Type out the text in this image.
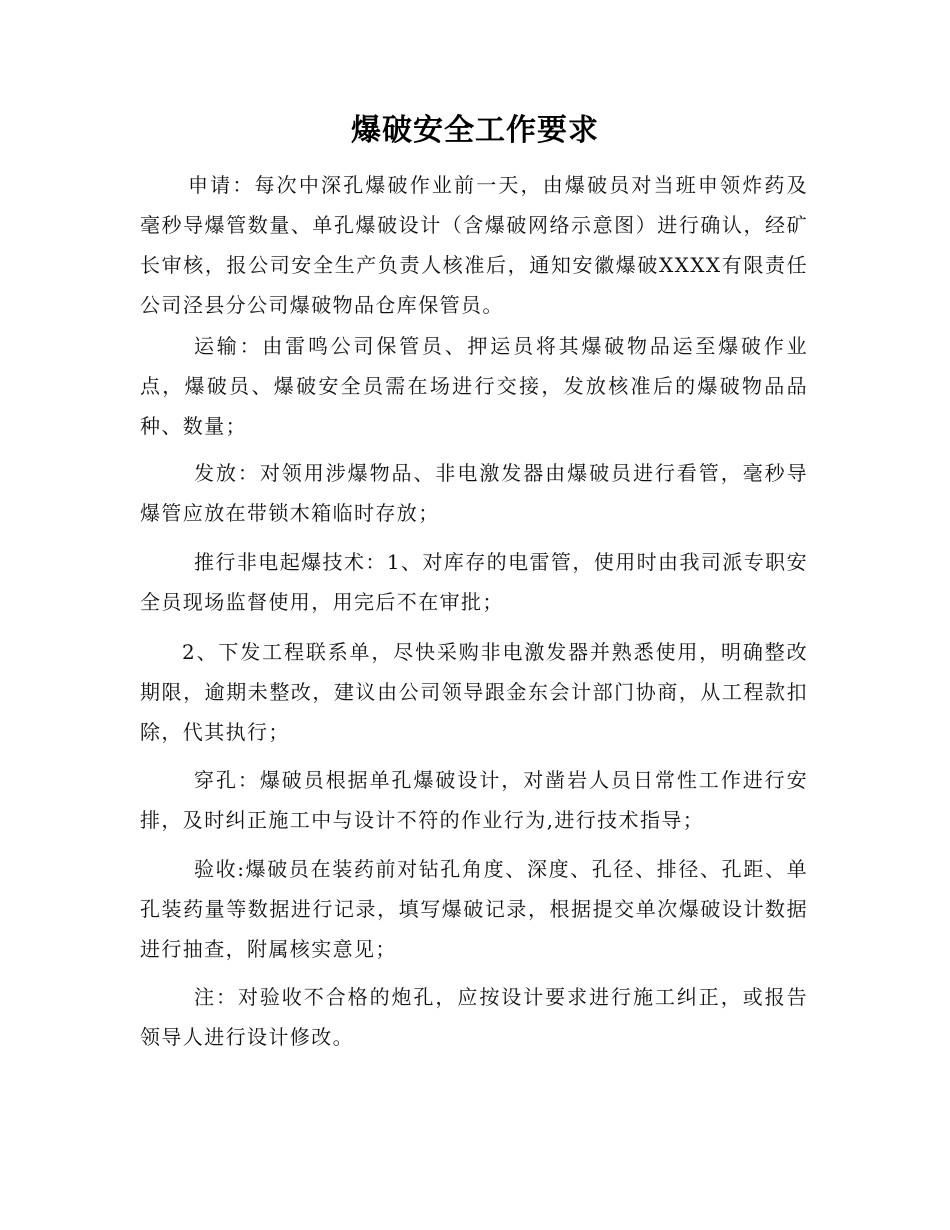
爆破安全工作要求

申请：每次中深孔爆破作业前一天，由爆破员对当班申领炸药及毫秒导爆管数量、单孔爆破设计（含爆破网络示意图）进行确认，经矿长审核，报公司安全生产负责人核准后，通知安徽爆破XXXX有限责任公司泾县分公司爆破物品仓库保管员。

运输：由雷鸣公司保管员、押运员将其爆破物品运至爆破作业点，爆破员、爆破安全员需在场进行交接，发放核准后的爆破物品品种、数量；

发放：对领用涉爆物品、非电激发器由爆破员进行看管，毫秒导爆管应放在带锁木箱临时存放；

推行非电起爆技术：1、对库存的电雷管，使用时由我司派专职安全员现场监督使用，用完后不在审批；

2、下发工程联系单，尽快采购非电激发器并熟悉使用，明确整改期限，逾期未整改，建议由公司领导跟金东会计部门协商，从工程款扣除，代其执行；

穿孔：爆破员根据单孔爆破设计，对凿岩人员日常性工作进行安排，及时纠正施工中与设计不符的作业行为,进行技术指导；

验收:爆破员在装药前对钻孔角度、深度、孔径、排径、孔距、单孔装药量等数据进行记录，填写爆破记录，根据提交单次爆破设计数据进行抽查，附属核实意见；

注：对验收不合格的炮孔，应按设计要求进行施工纠正，或报告领导人进行设计修改。
